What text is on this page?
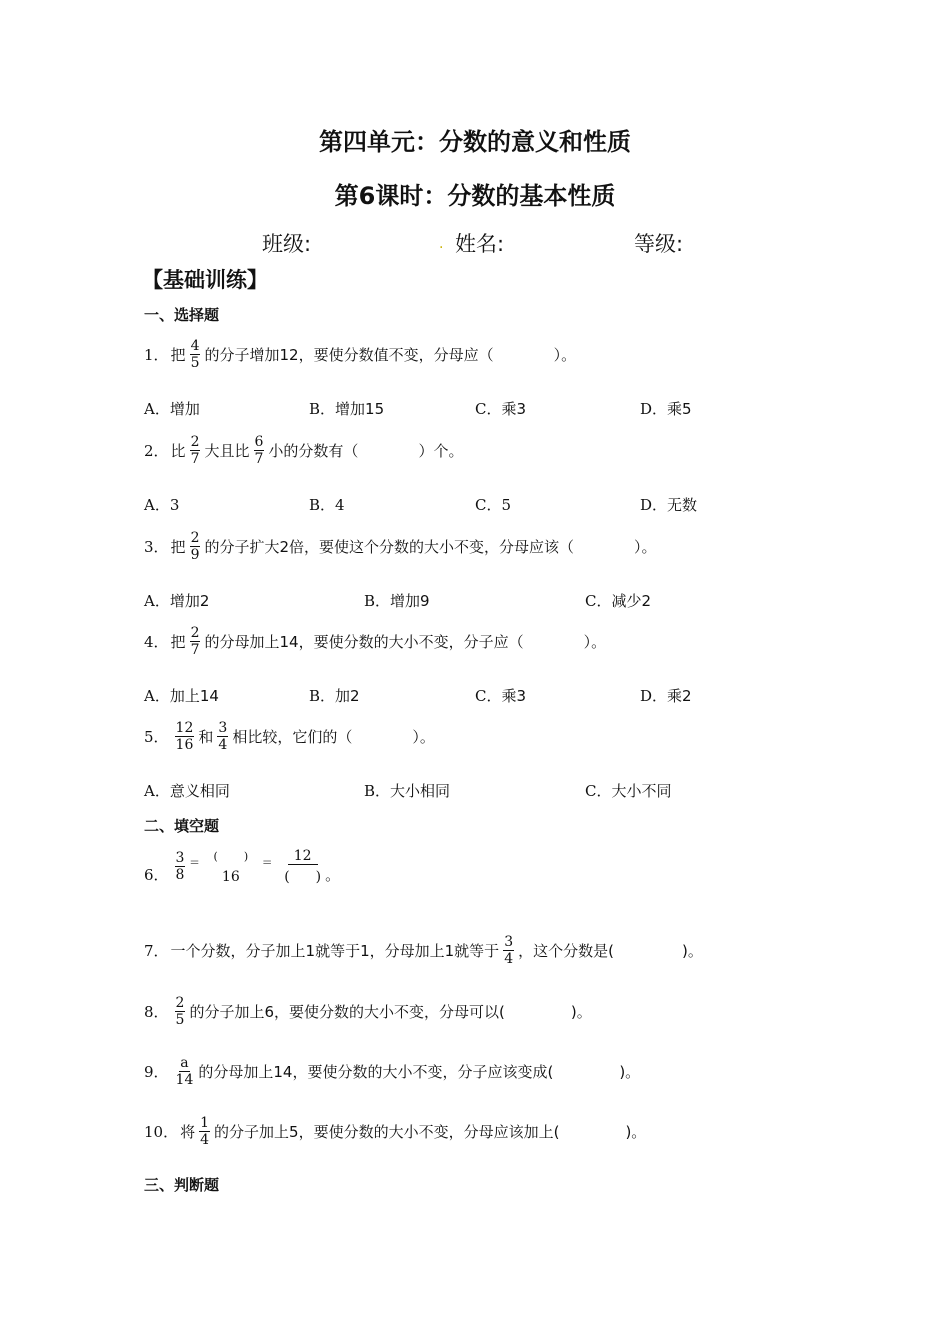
第四单元：分数的意义和性质
第6课时：分数的基本性质
班级:	. 姓名:	等级:
【基础训练】
一、选择题
1． 把 $\frac{4}{5}$ 的分子增加12，要使分数值不变，分母应（	）。
A．增加	B．增加15	C．乘3	D．乘5
2． 比 $\frac{2}{7}$ 大且比 $\frac{6}{7}$ 小的分数有（	）个。
A．3	B．4	C．5	D．无数
3． 把 $\frac{2}{9}$ 的分子扩大2倍，要使这个分数的大小不变，分母应该（	）。
A．增加2	B．增加9	C．减少2
4． 把 $\frac{2}{7}$ 的分母加上14，要使分数的大小不变，分子应（	）。
A．加上14	B．加2	C．乘3	D．乘2
5． $\frac{12}{16}$ 和 $\frac{3}{4}$ 相比较，它们的（	）。
A．意义相同	B．大小相同	C．大小不同
二、填空题
6． $\frac{3}{8}$ = ( )
16
= $\frac{12}{( )}$ 。
7． 一个分数，分子加上1就等于1，分母加上1就等于 $\frac{3}{4}$ ，这个分数是(	)。
8． $\frac{2}{5}$ 的分子加上6，要使分数的大小不变，分母可以(	)。
9． $\frac{a}{14}$ 的分母加上14，要使分数的大小不变，分子应该变成(	)。
10． 将 $\frac{1}{4}$ 的分子加上5，要使分数的大小不变，分母应该加上(	)。
三、判断题
